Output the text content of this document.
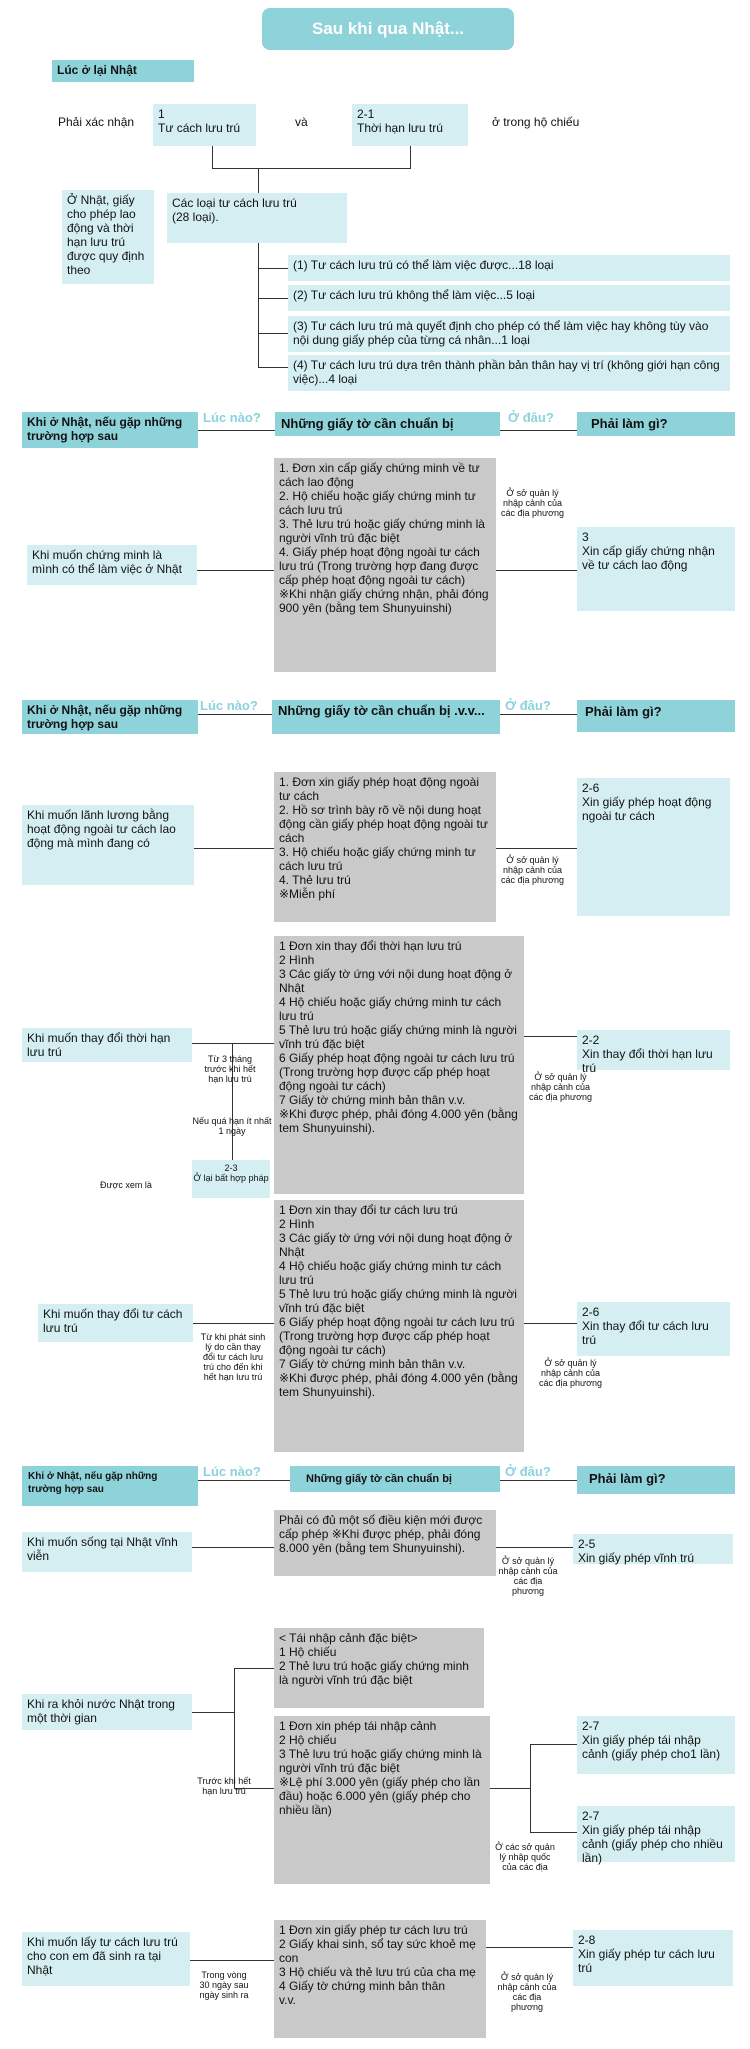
Sau khi qua Nhật...
Lúc ở lại Nhật
Phải xác nhận
1
Tư cách lưu trú	và
2-1
Thời hạn lưu trú	ở trong hộ chiếu
Ở Nhật, giấy cho phép lao động và thời hạn lưu trú được quy định theo
Các loại tư cách lưu trú
(28 loại).
(1) Tư cách lưu trú có thể làm việc được...18 loại
(2) Tư cách lưu trú không thể làm việc...5 loại
(3) Tư cách lưu trú mà quyết định cho phép có thể làm việc hay không tùy vào nội dung giấy phép của từng cá nhân...1 loại
(4) Tư cách lưu trú dựa trên thành phần bản thân hay vị trí (không giới hạn công việc)...4 loại
Khi ở Nhật, nếu gặp những trường hợp sau
Lúc nào?	Những giấy tờ cần chuẩn bị	Ở đâu?	Phải làm gì?
Khi muốn chứng minh là mình có thể làm việc ở Nhật
1. Đơn xin cấp giấy chứng minh về tư cách lao động
2. Hộ chiếu hoặc giấy chứng minh tư cách lưu trú
3. Thẻ lưu trú hoặc giấy chứng minh là người vĩnh trú đặc biệt
4. Giấy phép hoạt động ngoài tư cách lưu trú (Trong trường hợp đang được cấp phép hoạt động ngoài tư cách)
※Khi nhận giấy chứng nhận, phải đóng 900 yên (bằng tem Shunyuinshi)
Ở sở quản lý nhập cảnh của các địa phương
3
Xin cấp giấy chứng nhận về tư cách lao động
Khi ở Nhật, nếu gặp những trường hợp sau
Lúc nào?	Những giấy tờ cần chuẩn bị .v.v...	Ở đâu?	Phải làm gì?
Khi muốn lãnh lương bằng hoạt động ngoài tư cách lao động mà mình đang có
1. Đơn xin giấy phép hoạt động ngoài tư cách
2. Hồ sơ trình bày rõ về nội dung hoạt động cần giấy phép hoạt động ngoài tư cách
3. Hộ chiếu hoặc giấy chứng minh tư cách lưu trú
4. Thẻ lưu trú
※Miễn phí
Ở sở quản lý nhập cảnh của các địa phương
2-6
Xin giấy phép hoạt động ngoài tư cách
Khi muốn thay đổi thời hạn lưu trú
1 Đơn xin thay đổi thời hạn lưu trú
2 Hình
3 Các giấy tờ ứng với nội dung hoạt động ở Nhật
4 Hộ chiếu hoặc giấy chứng minh tư cách lưu trú
5 Thẻ lưu trú hoặc giấy chứng minh là người vĩnh trú đặc biệt
6 Giấy phép hoạt động ngoài tư cách lưu trú (Trong trường hợp được cấp phép hoạt động ngoài tư cách)
7 Giấy tờ chứng minh bản thân v.v.
※Khi được phép, phải đóng 4.000 yên (bằng tem Shunyuinshi).
Từ 3 tháng trước khi hết hạn lưu trú
Nếu quá hạn ít nhất 1 ngày
Được xem là
2-3
Ở lại bất hợp pháp
Ở sở quản lý nhập cảnh của các địa phương
2-2
Xin thay đổi thời hạn lưu trú
Khi muốn thay đổi tư cách lưu trú
1 Đơn xin thay đổi tư cách lưu trú
2 Hình
3 Các giấy tờ ứng với nội dung hoạt động ở Nhật
4 Hộ chiếu hoặc giấy chứng minh tư cách lưu trú
5 Thẻ lưu trú hoặc giấy chứng minh là người vĩnh trú đặc biệt
6 Giấy phép hoạt động ngoài tư cách lưu trú (Trong trường hợp được cấp phép hoạt động ngoài tư cách)
7 Giấy tờ chứng minh bản thân v.v.
※Khi được phép, phải đóng 4.000 yên (bằng tem Shunyuinshi).
Từ khi phát sinh lý do cần thay đổi tư cách lưu trú cho đến khi hết hạn lưu trú
Ở sở quản lý nhập cảnh của các địa phương
2-6
Xin thay đổi tư cách lưu trú
Khi ở Nhật, nếu gặp những trường hợp sau
Lúc nào?	Những giấy tờ cần chuẩn bị	Ở đâu?	Phải làm gì?
Khi muốn sống tại Nhật vĩnh viễn
Phải có đủ một số điều kiện mới được cấp phép ※Khi được phép, phải đóng 8.000 yên (bằng tem Shunyuinshi).
Ở sở quản lý nhập cảnh của các địa phương
2-5
Xin giấy phép vĩnh trú
Khi ra khỏi nước Nhật trong một thời gian
< Tái nhập cảnh đặc biệt>
1 Hộ chiếu
2 Thẻ lưu trú hoặc giấy chứng minh là người vĩnh trú đặc biệt
1 Đơn xin phép tái nhập cảnh
2 Hộ chiếu
3 Thẻ lưu trú hoặc giấy chứng minh là người vĩnh trú đặc biệt
※Lệ phí 3.000 yên (giấy phép cho lần đầu) hoặc 6.000 yên (giấy phép cho nhiều lần)
Trước khi hết hạn lưu trú
Ở các sở quản lý nhập quốc của các địa
2-7
Xin giấy phép tái nhập cảnh (giấy phép cho1 lần)
2-7
Xin giấy phép tái nhập cảnh (giấy phép cho nhiều lần)
Khi muốn lấy tư cách lưu trú cho con em đã sinh ra tại Nhật
1 Đơn xin giấy phép tư cách lưu trú
2 Giấy khai sinh, sổ tay sức khoẻ mẹ con
3 Hộ chiếu và thẻ lưu trú của cha mẹ
4 Giấy tờ chứng minh bản thân
v.v.
Trong vòng 30 ngày sau ngày sinh ra
Ở sở quản lý nhập cảnh của các địa phương
2-8
Xin giấy phép tư cách lưu trú
